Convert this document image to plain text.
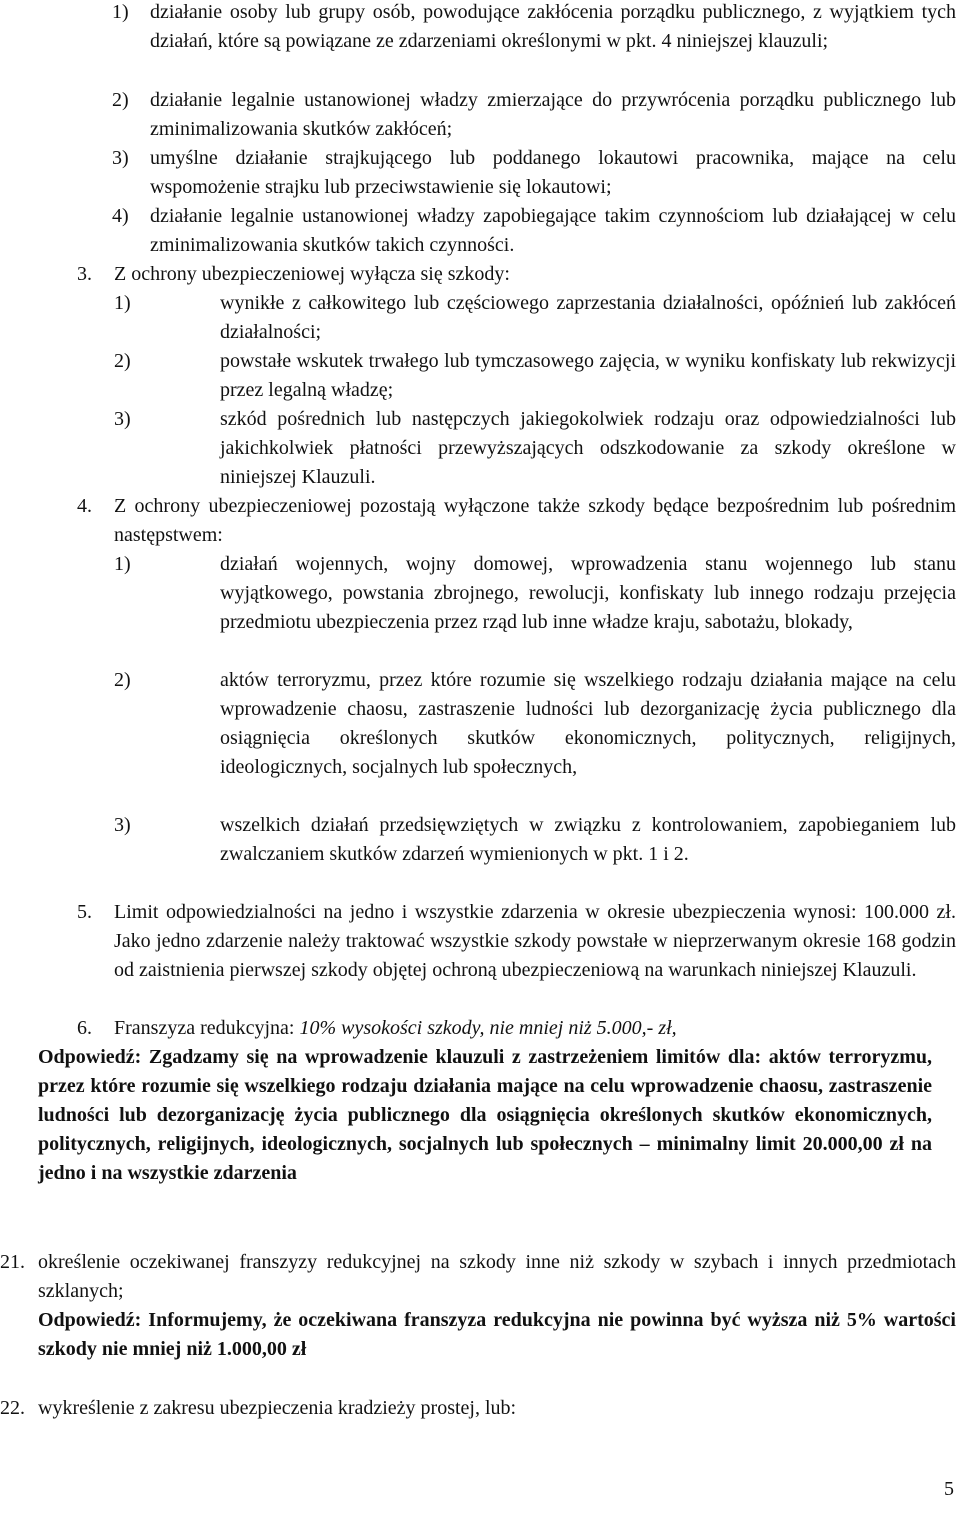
1) działanie osoby lub grupy osób, powodujące zakłócenia porządku publicznego, z wyjątkiem tych działań, które są powiązane ze zdarzeniami określonymi w pkt. 4 niniejszej klauzuli;
2) działanie legalnie ustanowionej władzy zmierzające do przywrócenia porządku publicznego lub zminimalizowania skutków zakłóceń;
3) umyślne działanie strajkującego lub poddanego lokautowi pracownika, mające na celu wspomożenie strajku lub przeciwstawienie się lokautowi;
4) działanie legalnie ustanowionej władzy zapobiegające takim czynnościom lub działającej w celu zminimalizowania skutków takich czynności.
3. Z ochrony ubezpieczeniowej wyłącza się szkody:
1)	wynikłe z całkowitego lub częściowego zaprzestania działalności, opóźnień lub zakłóceń działalności;
2)	powstałe wskutek trwałego lub tymczasowego zajęcia, w wyniku konfiskaty lub rekwizycji przez legalną władzę;
3)	szkód pośrednich lub następczych jakiegokolwiek rodzaju oraz odpowiedzialności lub jakichkolwiek płatności przewyższających odszkodowanie za szkody określone w niniejszej Klauzuli.
4. Z ochrony ubezpieczeniowej pozostają wyłączone także szkody będące bezpośrednim lub pośrednim następstwem:
1)	działań wojennych, wojny domowej, wprowadzenia stanu wojennego lub stanu wyjątkowego, powstania zbrojnego, rewolucji, konfiskaty lub innego rodzaju przejęcia przedmiotu ubezpieczenia przez rząd lub inne władze kraju, sabotażu, blokady,
2)	aktów terroryzmu, przez które rozumie się wszelkiego rodzaju działania mające na celu wprowadzenie chaosu, zastraszenie ludności lub dezorganizację życia publicznego dla osiągnięcia określonych skutków ekonomicznych, politycznych, religijnych, ideologicznych, socjalnych lub społecznych,
3)	wszelkich działań przedsięwziętych w związku z kontrolowaniem, zapobieganiem lub zwalczaniem skutków zdarzeń wymienionych w pkt. 1 i 2.
5. Limit odpowiedzialności na jedno i wszystkie zdarzenia w okresie ubezpieczenia wynosi: 100.000 zł. Jako jedno zdarzenie należy traktować wszystkie szkody powstałe w nieprzerwanym okresie 168 godzin od zaistnienia pierwszej szkody objętej ochroną ubezpieczeniową na warunkach niniejszej Klauzuli.
6. Franszyza redukcyjna: 10% wysokości szkody, nie mniej niż 5.000,- zł,
Odpowiedź: Zgadzamy się na wprowadzenie klauzuli z zastrzeżeniem limitów dla: aktów terroryzmu, przez które rozumie się wszelkiego rodzaju działania mające na celu wprowadzenie chaosu, zastraszenie ludności lub dezorganizację życia publicznego dla osiągnięcia określonych skutków ekonomicznych, politycznych, religijnych, ideologicznych, socjalnych lub społecznych – minimalny limit 20.000,00 zł na jedno i na wszystkie zdarzenia
21. określenie oczekiwanej franszyzy redukcyjnej na szkody inne niż szkody w szybach i innych przedmiotach szklanych;
Odpowiedź: Informujemy, że oczekiwana franszyza redukcyjna nie powinna być wyższa niż 5% wartości szkody nie mniej niż 1.000,00 zł
22. wykreślenie z zakresu ubezpieczenia kradzieży prostej, lub:
5
